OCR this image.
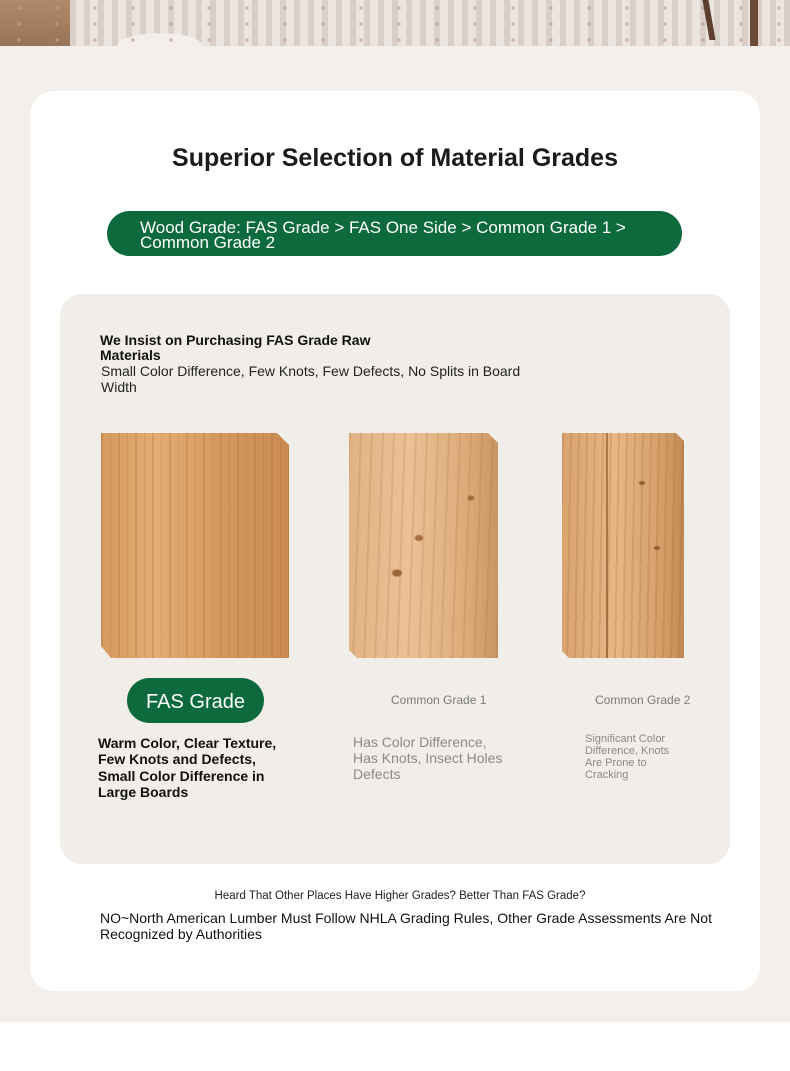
Superior Selection of Material Grades
Wood Grade: FAS Grade > FAS One Side > Common Grade 1 > Common Grade 2
We Insist on Purchasing FAS Grade Raw Materials
Small Color Difference, Few Knots, Few Defects, No Splits in Board Width
FAS Grade	Common Grade 1	Common Grade 2
Warm Color, Clear Texture, Few Knots and Defects, Small Color Difference in Large Boards
Has Color Difference, Has Knots, Insect Holes Defects
Significant Color Difference, Knots Are Prone to Cracking
Heard That Other Places Have Higher Grades? Better Than FAS Grade?
NO~North American Lumber Must Follow NHLA Grading Rules, Other Grade Assessments Are Not Recognized by Authorities
